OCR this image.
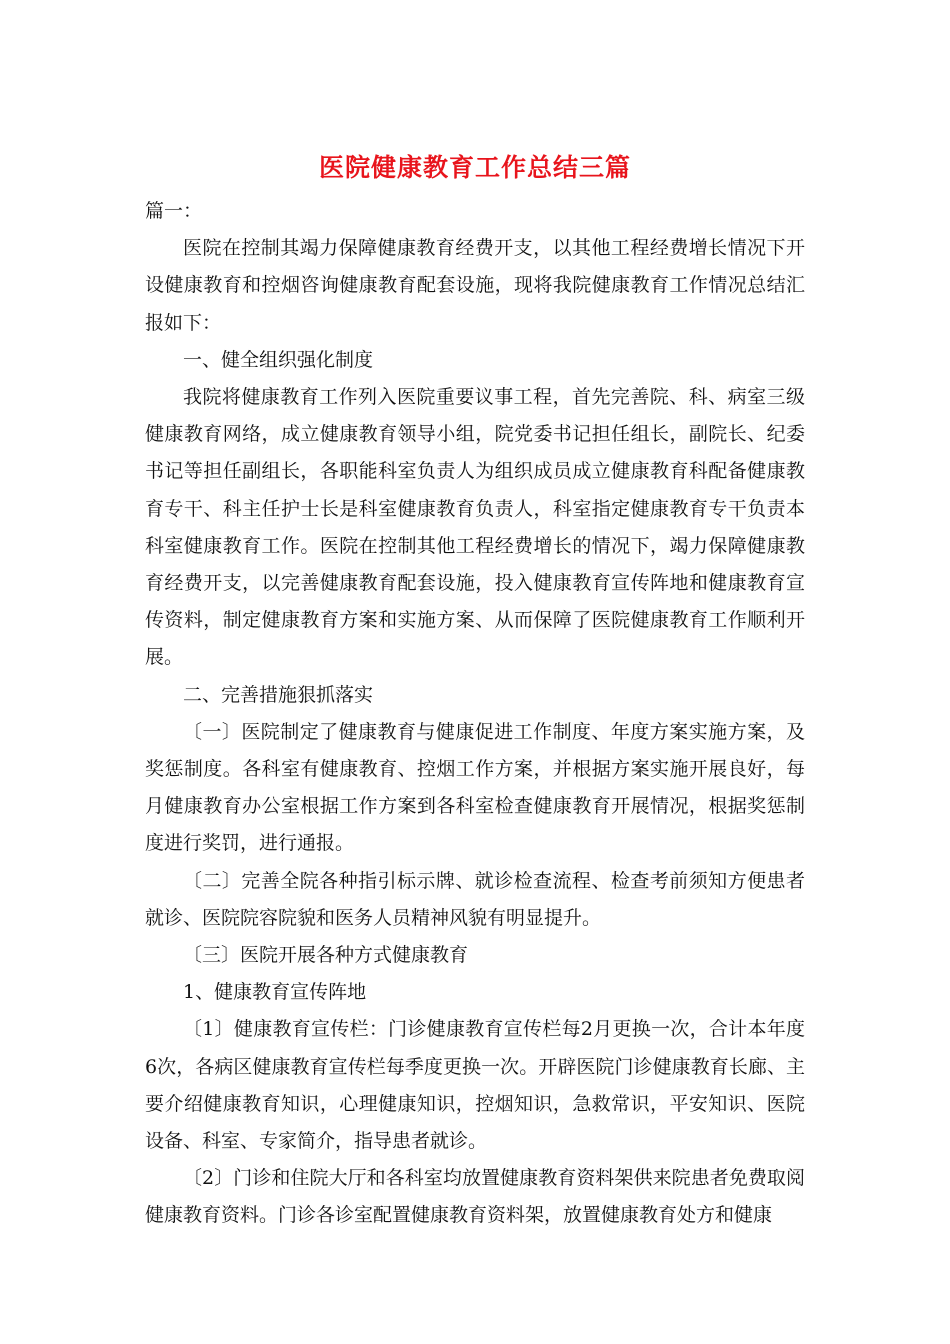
医院健康教育工作总结三篇

篇一：

医院在控制其竭力保障健康教育经费开支，以其他工程经费增长情况下开设健康教育和控烟咨询健康教育配套设施，现将我院健康教育工作情况总结汇报如下：

一、健全组织强化制度

我院将健康教育工作列入医院重要议事工程，首先完善院、科、病室三级健康教育网络，成立健康教育领导小组，院党委书记担任组长，副院长、纪委书记等担任副组长，各职能科室负责人为组织成员成立健康教育科配备健康教育专干、科主任护士长是科室健康教育负责人，科室指定健康教育专干负责本科室健康教育工作。医院在控制其他工程经费增长的情况下，竭力保障健康教育经费开支，以完善健康教育配套设施，投入健康教育宣传阵地和健康教育宣传资料，制定健康教育方案和实施方案、从而保障了医院健康教育工作顺利开展。

二、完善措施狠抓落实

〔一〕医院制定了健康教育与健康促进工作制度、年度方案实施方案，及奖惩制度。各科室有健康教育、控烟工作方案，并根据方案实施开展良好，每月健康教育办公室根据工作方案到各科室检查健康教育开展情况，根据奖惩制度进行奖罚，进行通报。

〔二〕完善全院各种指引标示牌、就诊检查流程、检查考前须知方便患者就诊、医院院容院貌和医务人员精神风貌有明显提升。

〔三〕医院开展各种方式健康教育

1、健康教育宣传阵地

〔1〕健康教育宣传栏：门诊健康教育宣传栏每2月更换一次，合计本年度6次，各病区健康教育宣传栏每季度更换一次。开辟医院门诊健康教育长廊、主要介绍健康教育知识，心理健康知识，控烟知识，急救常识，平安知识、医院设备、科室、专家简介，指导患者就诊。

〔2〕门诊和住院大厅和各科室均放置健康教育资料架供来院患者免费取阅健康教育资料。门诊各诊室配置健康教育资料架，放置健康教育处方和健康
